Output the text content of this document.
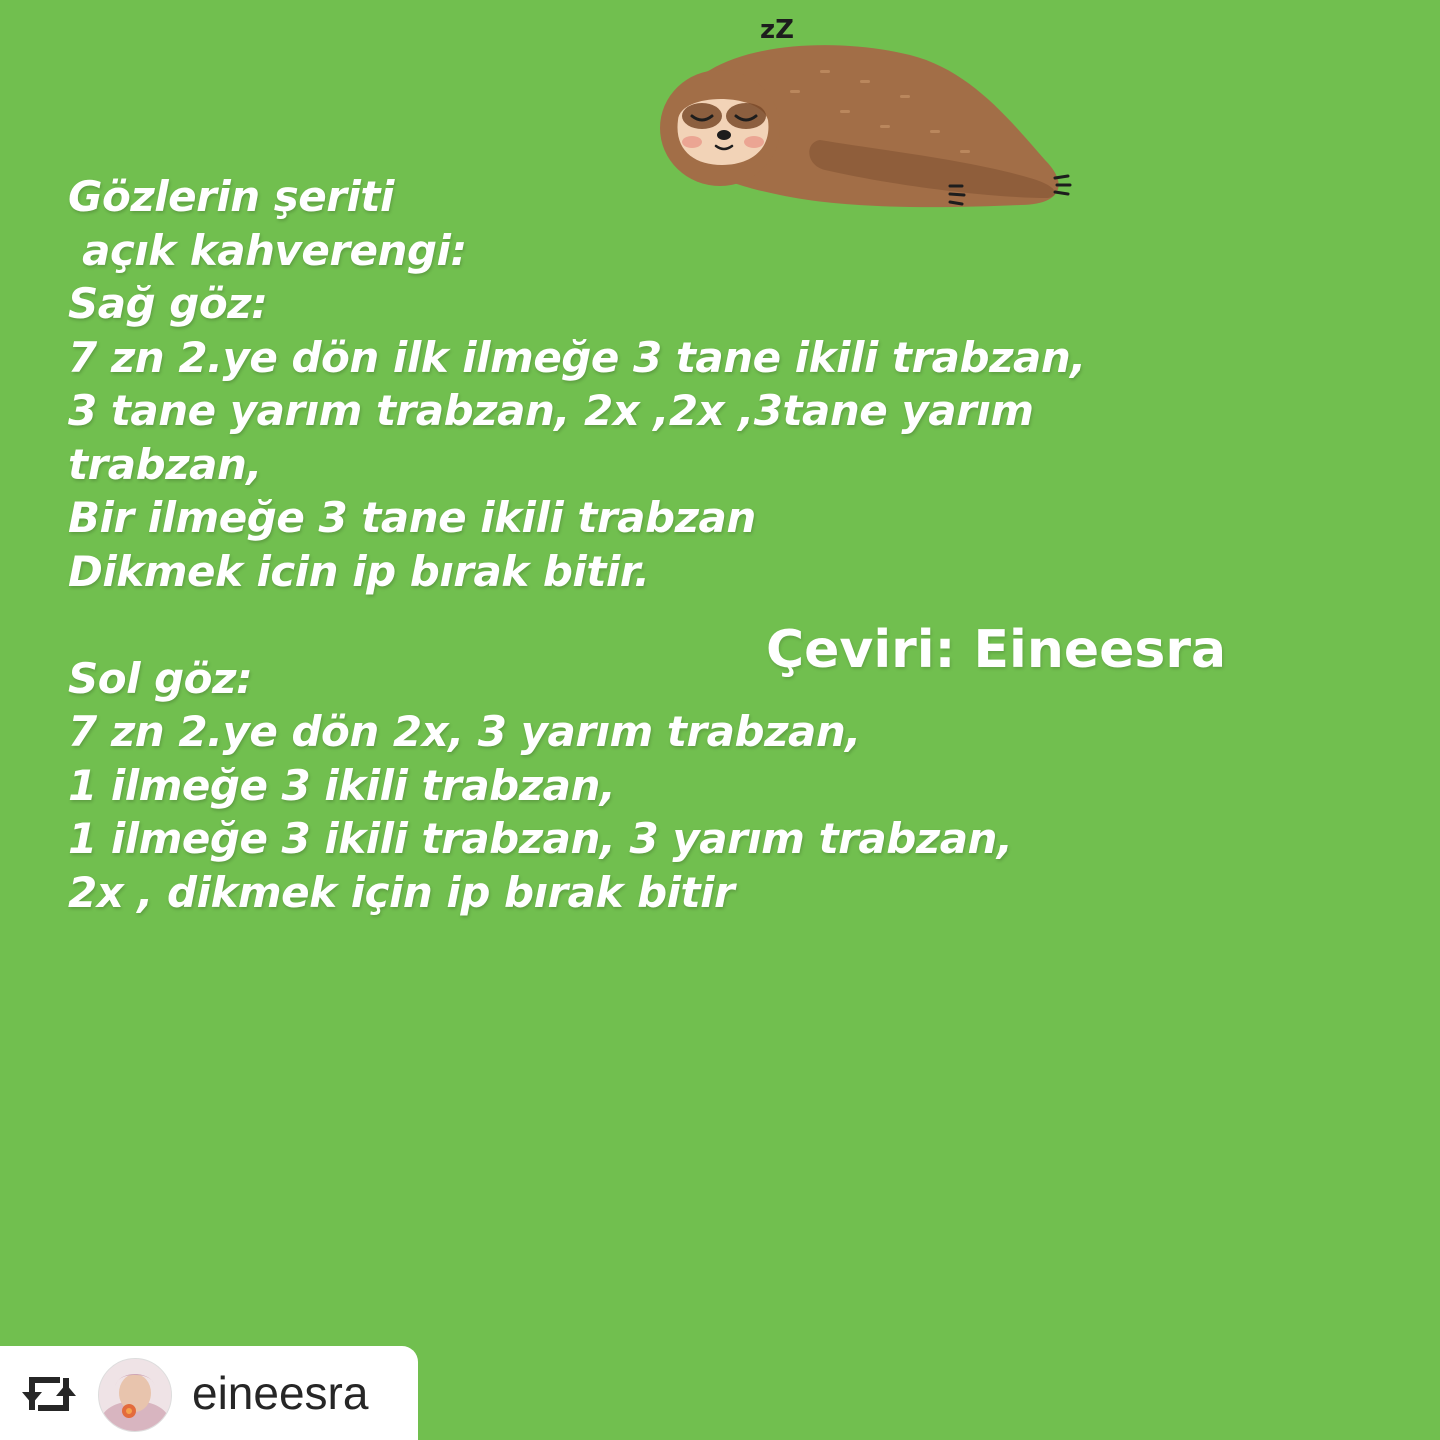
zZ
Gözlerin şeriti
açık kahverengi:
Sağ göz:
7 zn 2.ye dön ilk ilmeğe 3 tane ikili trabzan,
3 tane yarım trabzan, 2x ,2x ,3tane yarım
trabzan,
Bir ilmeğe 3 tane ikili trabzan
Dikmek icin ip bırak bitir.
Sol göz:
7 zn 2.ye dön 2x, 3 yarım trabzan,
1 ilmeğe 3 ikili trabzan,
1 ilmeğe 3 ikili trabzan, 3 yarım trabzan,
2x , dikmek için ip bırak bitir
Çeviri: Eineesra
eineesra
